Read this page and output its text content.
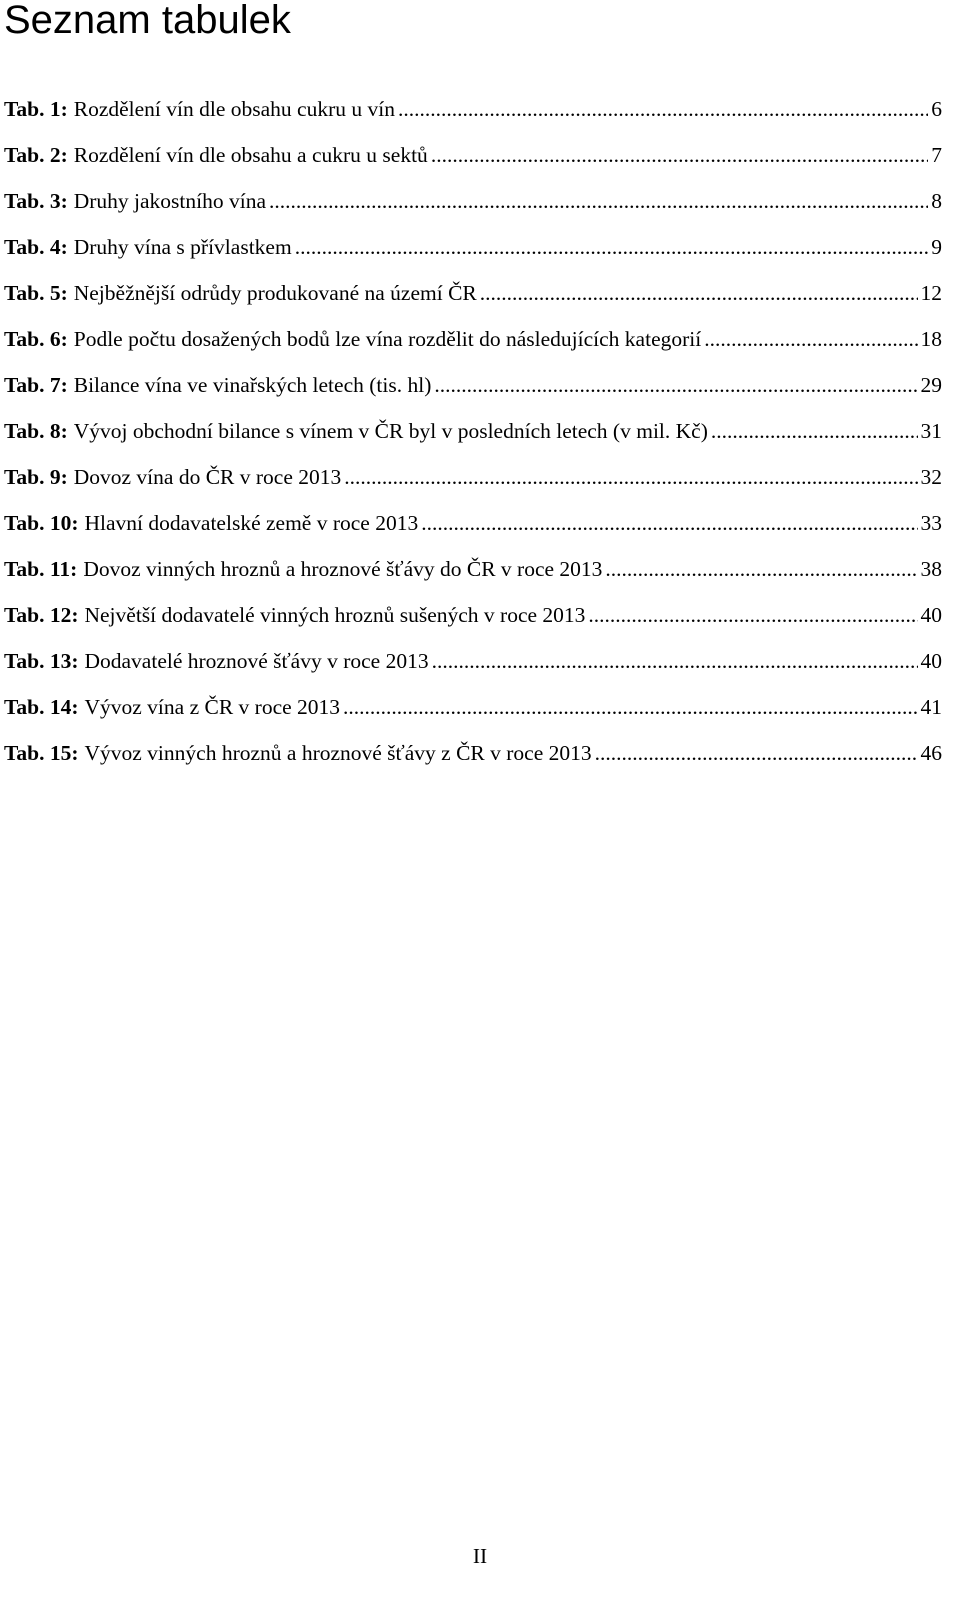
Seznam tabulek
Tab. 1: Rozdělení vín dle obsahu cukru u vín .....	6
Tab. 2: Rozdělení vín dle obsahu a cukru u sektů .....	7
Tab. 3: Druhy jakostního vína .....	8
Tab. 4: Druhy vína s přívlastkem .....	9
Tab. 5: Nejběžnější odrůdy produkované na území ČR .....	12
Tab. 6: Podle počtu dosažených bodů lze vína rozdělit do následujících kategorií .....	18
Tab. 7: Bilance vína ve vinařských letech (tis. hl) .....	29
Tab. 8: Vývoj obchodní bilance s vínem v ČR byl v posledních letech (v mil. Kč) .....	31
Tab. 9: Dovoz vína do ČR v roce 2013 .....	32
Tab. 10: Hlavní dodavatelské země v roce 2013 .....	33
Tab. 11: Dovoz vinných hroznů a hroznové šťávy do ČR v roce 2013 .....	38
Tab. 12: Největší dodavatelé vinných hroznů sušených v roce 2013 .....	40
Tab. 13: Dodavatelé hroznové šťávy v roce 2013 .....	40
Tab. 14: Vývoz vína z ČR v roce 2013 .....	41
Tab. 15: Vývoz vinných hroznů a hroznové šťávy z ČR v roce 2013 .....	46
II
